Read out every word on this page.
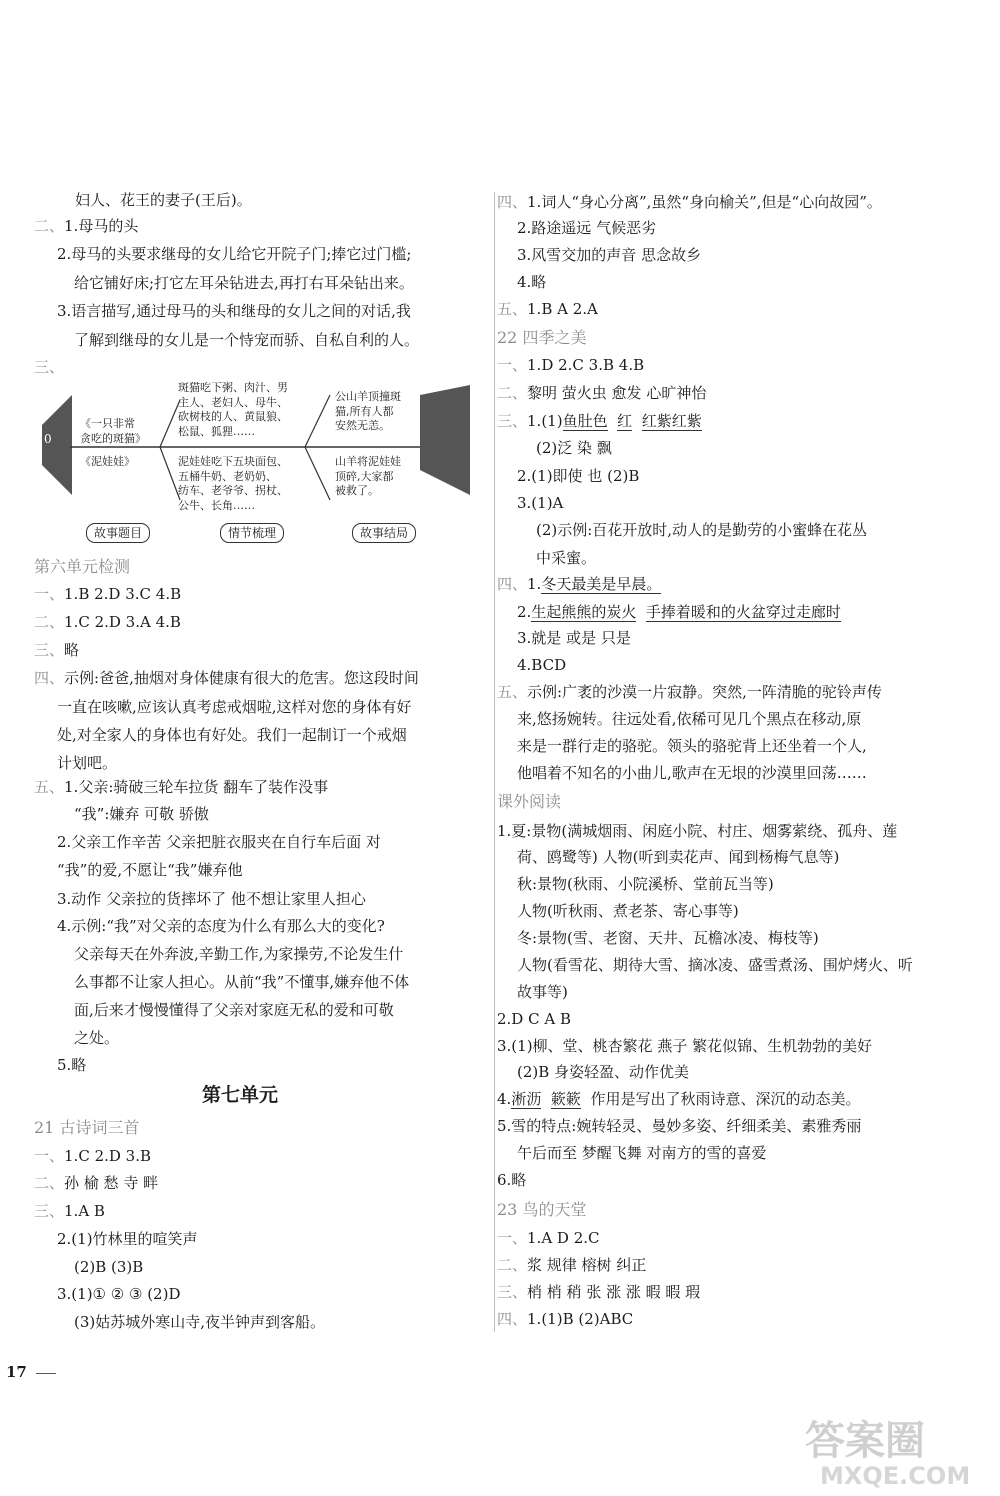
妇人、花王的妻子(王后)。
二、1.母马的头
2.母马的头要求继母的女儿给它开院子门;捧它过门槛;
给它铺好床;打它左耳朵钻进去,再打右耳朵钻出来。
3.语言描写,通过母马的头和继母的女儿之间的对话,我
了解到继母的女儿是一个恃宠而骄、自私自利的人。
三、
0
《一只非常
贪吃的斑猫》
《泥娃娃》
斑猫吃下粥、肉汁、男
主人、老妇人、母牛、
砍树枝的人、黄鼠狼、
松鼠、狐狸……
泥娃娃吃下五块面包、
五桶牛奶、老奶奶、
纺车、老爷爷、拐杖、
公牛、长角……
公山羊顶撞斑
猫,所有人都
安然无恙。
山羊将泥娃娃
顶碎,大家都
被救了。
故事题目	情节梳理	故事结局
第六单元检测
一、1.B 2.D 3.C 4.B
二、1.C 2.D 3.A 4.B
三、略
四、示例:爸爸,抽烟对身体健康有很大的危害。您这段时间
一直在咳嗽,应该认真考虑戒烟啦,这样对您的身体有好
处,对全家人的身体也有好处。我们一起制订一个戒烟
计划吧。
五、1.父亲:骑破三轮车拉货 翻车了装作没事
“我”:嫌弃 可敬 骄傲
2.父亲工作辛苦 父亲把脏衣服夹在自行车后面 对
“我”的爱,不愿让“我”嫌弃他
3.动作 父亲拉的货摔坏了 他不想让家里人担心
4.示例:“我”对父亲的态度为什么有那么大的变化?
父亲每天在外奔波,辛勤工作,为家操劳,不论发生什
么事都不让家人担心。从前“我”不懂事,嫌弃他不体
面,后来才慢慢懂得了父亲对家庭无私的爱和可敬
之处。
5.略
第七单元
21 古诗词三首
一、1.C 2.D 3.B
二、孙 榆 愁 寺 畔
三、1.A B
2.(1)竹林里的喧笑声
(2)B (3)B
3.(1)① ② ③ (2)D
(3)姑苏城外寒山寺,夜半钟声到客船。
四、1.词人“身心分离”,虽然“身向榆关”,但是“心向故园”。
2.路途遥远 气候恶劣
3.风雪交加的声音 思念故乡
4.略
五、1.B A 2.A
22 四季之美
一、1.D 2.C 3.B 4.B
二、黎明 萤火虫 愈发 心旷神怡
三、1.(1)鱼肚色 红 红紫红紫
(2)泛 染 飘
2.(1)即使 也 (2)B
3.(1)A
(2)示例:百花开放时,动人的是勤劳的小蜜蜂在花丛
中采蜜。
四、1.冬天最美是早晨。
2.生起熊熊的炭火 手捧着暖和的火盆穿过走廊时
3.就是 或是 只是
4.BCD
五、示例:广袤的沙漠一片寂静。突然,一阵清脆的驼铃声传
来,悠扬婉转。往远处看,依稀可见几个黑点在移动,原
来是一群行走的骆驼。领头的骆驼背上还坐着一个人,
他唱着不知名的小曲儿,歌声在无垠的沙漠里回荡……
课外阅读
1.夏:景物(满城烟雨、闲庭小院、村庄、烟雾萦绕、孤舟、莲
荷、鸥鹭等) 人物(听到卖花声、闻到杨梅气息等)
秋:景物(秋雨、小院溪桥、堂前瓦当等)
人物(听秋雨、煮老茶、寄心事等)
冬:景物(雪、老窗、天井、瓦檐冰凌、梅枝等)
人物(看雪花、期待大雪、摘冰凌、盛雪煮汤、围炉烤火、听
故事等)
2.D C A B
3.(1)柳、堂、桃杏繁花 燕子 繁花似锦、生机勃勃的美好
(2)B 身姿轻盈、动作优美
4.淅沥 簌簌 作用是写出了秋雨诗意、深沉的动态美。
5.雪的特点:婉转轻灵、曼妙多姿、纤细柔美、素雅秀丽
午后而至 梦醒飞舞 对南方的雪的喜爱
6.略
23 鸟的天堂
一、1.A D 2.C
二、浆 规律 榕树 纠正
三、梢 梢 稍 张 涨 涨 暇 暇 瑕
四、1.(1)B (2)ABC
17
答案圈
MXQE.COM
